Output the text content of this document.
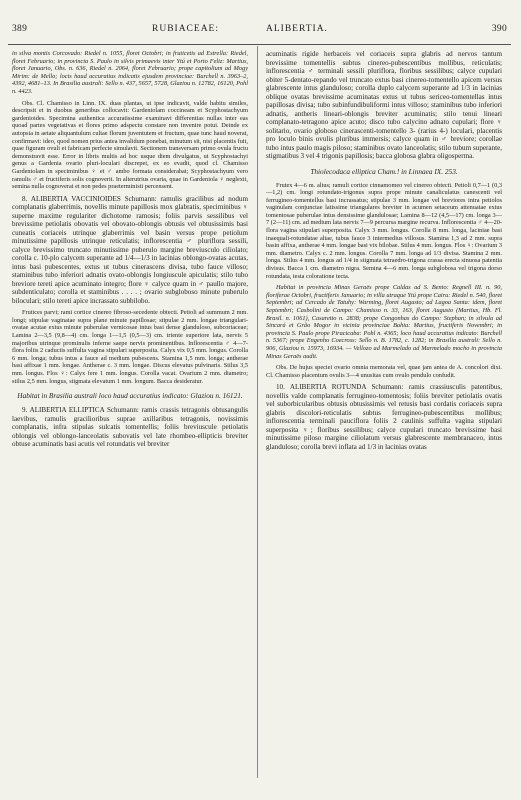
389	RUBIACEAE:	ALIBERTIA.	390

in silva montis Corcovado: Riedel n. 1055, floret Octobri; in fruticetis ad Estrella: Riedel, floret Februario; in provincia S. Paulo in silvis primaevis inter Ytú et Porto Feliz: Martius, floret Januario, Obs. n. 636, Riedel n. 2064, floret Februario; prope capitolium ad Mogy Mirim: de Mello; locis haud accuratius indicatis ejusdem provinciae: Burchell n. 3963–2, 4392, 4681–13. In Brasilia australi: Sello n. 437, 5657, 5728, Glaziou n. 12782, 16120, Pohl n. 4423.

Obs. Cl. Chamisso in Linn. IX. duas plantas, ut ipse indicavit, valde habitu similes, descripsit et in duobus generibus collocavit: Gardeniolam coccineam et Scyphostachyum gardenioides. Specimina authentica accuratissime examinavi differentias nullas inter eas quoad partes vegetativas et flores primo adspectu constare non invenire potui. Deinde ex autopsia in aetate aliquantulum cultae florum juventutem et fructum, quae tunc haud noverat, confirmavi: ideo, quod nomen prius antea invalidum ponebat, minutum sit, nisi placentis fuit, quae figuram ovuli et fabricam perfecte simulavit. Sectionem transversam primo ovula fructu demonstravit esse. Error in libris multis ad hoc usque diem divulgatus, ut Scyphostachyi genus a Gardenia ovario pluri-loculari discrepet, ex eo evadit, quod cl. Chamisso Gardeniolam in speciminibus ♀ et ♂ ambo formata considerabat; Scyphostachyum vero ramulis ♂ et fructiferis solis cognoverit. In alterutrius ovaria, quae in Gardeniola ♀ neglexit, semina nulla cognoverat et non pedes praeterministi percensent.

8. ALIBERTIA VACCINIOIDES Schumann: ramulis gracilibus ad nodum complanatis glaberrimis, novellis minute papillosis mox glabratis, speciminibus ♀ superne maxime regulariter dichotome ramosis; foliis parvis sessilibus vel brevissime petiolatis obovatis vel obovato-oblongis obtusis vel obtusissimis basi cuneatis coriaceis utrinque glaberrimis vel basin versus prope petiolum minutissime papillosis utrinque reticulatis; inflorescentia ♂ pluriflora sessili, calyce brevissimo truncato minutissime puberulo margine breviusculo ciliolato; corolla c. 10-plo calycem superante ad 1/4—1/3 in lacinias oblongo-ovatas acutas, intus basi pubescentes, extus ut tubus cinerascens divisa, tubo fauce villoso; staminibus tubo inferiori adnatis ovato-oblongis longiuscule apiculatis; stilo tubo breviore tereti apice acuminato integro; flore ♀ calyce quam in ♂ paullo majore, subdenticulato; corolla et staminibus . . . . ; ovario subgloboso minute puberulo biloculari; stilo tereti apice incrassato subbilobo.

Frutices parvi; rami cortice cinereo fibroso-secedente obtecti. Petioli ad summum 2 mm. longi; stipulae vaginatae supra plane minute papillosae; stipulae 2 mm. longae triangulari-ovatae acutae extus minute puberulae vernicosae intus basi dense glanduloso, subcoriaceae; Lamina 2—3,5 (9,8—4) cm. longa 1—1,5 (0,5—3) cm. triente superiore lata, nervis 5 majoribus utrinque prominulis inferne saepe nervis prominentibus. Inflorescentia ♂ 4—7-flora foliis 2 caduciis suffulta vagina stipulari superposita. Calyx vix 0,5 mm. longus. Corolla 6 mm. longa; tubus intus a fauce ad medium pubescens. Stamina 1,5 mm. longa; antherae basi affixae 1 mm. longae. Antherae c. 3 mm. longae. Discus elevatus pulvinaris. Stilus 3,5 mm. longus. Flos ♀: Calyx fere 1 mm. longus. Corolla vacat. Ovarium 2 mm. diametro; stilus 2,5 mm. longus, stigmata elevatum 1 mm. longum. Bacca desideratur.

Habitat in Brasilia australi loco haud accuratius indicato: Glaziou n. 16121.

9. ALIBERTIA ELLIPTICA Schumann: ramis crassis tetragonis obtusangulis laevibus, ramulis gracilioribus suprae axillaribus tetragonis, novissimis complanatis, infra stipulas sulcatis tomentellis; foliis breviuscule petiolatis oblongis vel oblongo-lanceolatis subovatis vel late rhombeo-ellipticis breviter obtuse acuminatis basi acutis vel rotundatis vel breviter

acuminatis rigide herbaceis vel coriaceis supra glabris ad nervos tantum brevissime tomentellis subtus cinereo-pubescentibus mollibus, reticulatis; inflorescentia ♂ terminali sessili pluriflora, floribus sessilibus; calyce cupulari obiter 5-dentato-repando vel truncato extus basi cinereo-tomentello apicem versus glabrescente intus glanduloso; corolla duplo calycem superante ad 1/3 in lacinias oblique ovatas brevissime acuminatas extus ut tubus sericeo-tomentellas intus papillosas divisa; tubo subinfundibuliformi intus villoso; staminibus tubo inferiori adnatis, antheris lineari-oblongis breviter acuminatis; stilo tenui lineari complanato-tetragono apice acuto; disco tubo calycino adnato cupulari; flore ♀ solitario, ovario globoso cinerascenti-tomentello 3- (rarius 4-) loculari, placentis pro loculo binis ovulis pluribus immersis; calyce quam in ♂ breviore; corollae tubo intus paulo magis piloso; staminibus ovato lanceolatis; stilo tubum superante, stigmatibus 3 vel 4 trigonis papillosis; bacca globosa glabra oligosperma.

Thiolecodaca elliptica Cham.! in Linnaea IX. 253.

Frutex 4—6 m. altus; ramuli cortice cinnamomeo vel cinereo obtecti. Petioli 0,7—1 (0,3—1,2) cm. longi rotundato-trigonus supra prope minute canaliculatus canescenti vel ferrugineo-tomentellus basi incrassatus; stipulae 3 mm. longae vel breviores intra petiolos vaginulam conjunctae latissime triangulares breviter in acumen setaceum attenuatae extus tomentosae puberulae intus densissime glandulosae; Lamina 8—12 (4,5—17) cm. longa 3—7 (2—11) cm. ad medium lata nervis 7—9 percursa margine recurva. Inflorescentia ♂ 4—20-flora vagina stipulari superposita. Calyx 3 mm. longus. Corolla 8 mm. longa, laciniae basi inaequali-rotundatae altae, tubus fauce 3 intermedius villosus. Stamina 1,3 ad 2 mm. supra basin affixa, antherae 4 mm. longae basi vix bilobae. Stilus 4 mm. longus. Flos ♀: Ovarium 3 mm. diametro. Calyx c. 2 mm. longus. Corolla 7 mm. longa ad 1/3 divisa. Stamina 2 mm. longa. Stilus 4 mm. longus ad 1/4 in stigmata tetraedro-trigona crassa erecta sinuosa patentia divisus. Bacca 1 cm. diametro nigra. Semina 4—6 mm. longa subglobosa vel trigona dorso rotundata, testa coloratione tecta.

Habitat in provincia Minas Geraës prope Caldas ad S. Bento: Regnell III. n. 90, floriferae Octobri, fructiferis Januario; in villa utraque Ytú prope Cairu: Riedel n. 540, floret Septembri; ad Cercado de Tatuhy: Warming, floret Augusto; ad Lagoa Santa: idem, floret Septembri; Casbolini de Campo: Chamisso n. 33, 163, floret Augusto (Martius, Hb. Fl. Brasil. n. 1061), Casaretto n. 2838; prope Congonhas do Campo: Stephan; in silvula ad Sincará et Grão Mogor in vicinia provinciae Bahia: Martius, fructiferis Novembri; in provincia S. Paulo prope Piracicaba: Pohl n. 4365; loco haud accuratius indicato: Burchell n. 5367; prope Engenho Coecross: Sello n. B. 1782, c. 1282; in Brasilia australi: Sello n. 906, Glaziou n. 15973, 16934. — Vellozo ad Marmelado ad Marmelado mocho in provincia Minas Geraës audit.

Obs. De hujus speciei ovario omnia memorata vel, quae jam antea de A. concolori dixi. Cl. Chamisso placentum ovulis 3—4 unusitas cum ovulo pendulo confudit.

10. ALIBERTIA ROTUNDA Schumann: ramis crassiusculis patentibus, novellis valde complanatis ferrugineo-tomentosis; foliis breviter petiolatis ovatis vel suborbicularibus obtusis obtusissimis vel retusis basi cordatis coriaceis supra glabris discolori-reticulatis subtus ferrugineo-pubescentibus mollibus; inflorescentia terminali pauciflora foliis 2 caulinis suffulta vagina stipulari superposita ♀; floribus sessilibus; calyce cupulari truncato brevissime basi minutissime piloso margine ciliolatum versus glabrescente membranaceo, intus glanduloso; corolla brevi inflata ad 1/3 in lacinias ovatas
